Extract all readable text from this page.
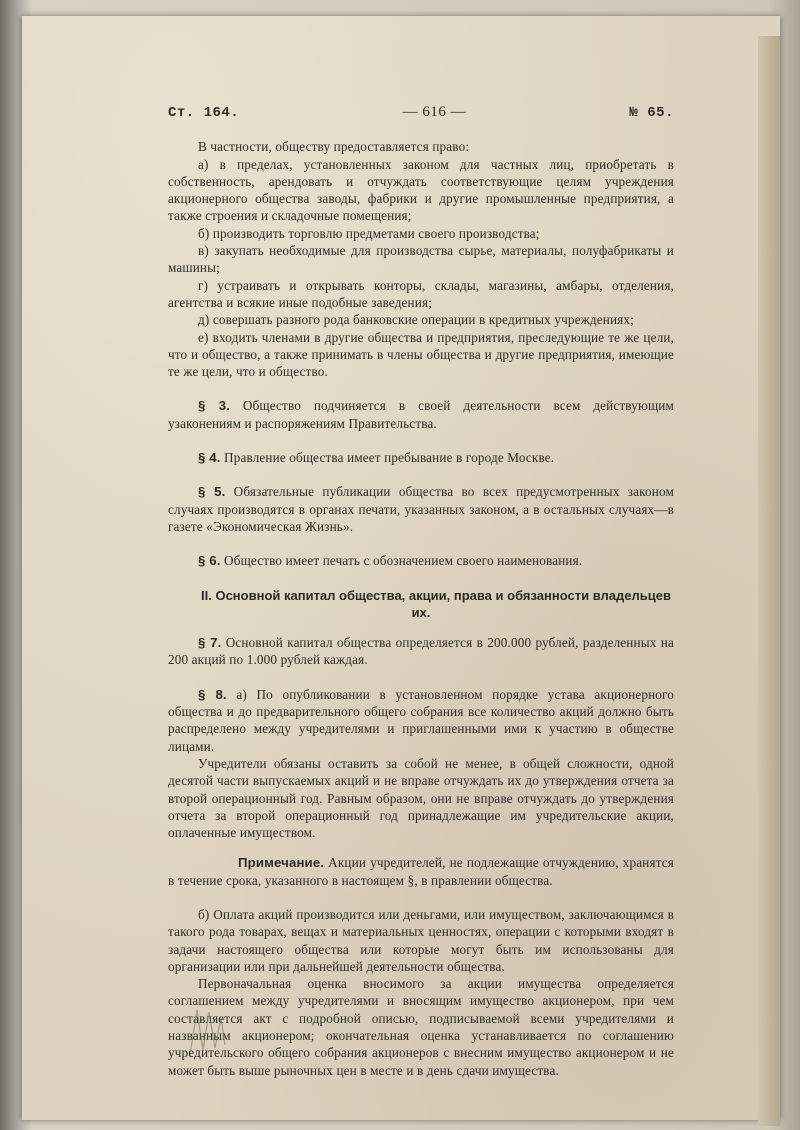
Ст. 164.	— 616 —	№ 65.

В частности, обществу предоставляется право:

а) в пределах, установленных законом для частных лиц, приобретать в собственность, арендовать и отчуждать соответствующие целям учреждения акционерного общества заводы, фабрики и другие промышленные предприятия, а также строения и складочные помещения;

б) производить торговлю предметами своего производства;

в) закупать необходимые для производства сырье, материалы, полуфабрикаты и машины;

г) устраивать и открывать конторы, склады, магазины, амбары, отделения, агентства и всякие иные подобные заведения;

д) совершать разного рода банковские операции в кредитных учреждениях;

е) входить членами в другие общества и предприятия, преследующие те же цели, что и общество, а также принимать в члены общества и другие предприятия, имеющие те же цели, что и общество.

§ 3. Общество подчиняется в своей деятельности всем действующим узаконениям и распоряжениям Правительства.

§ 4. Правление общества имеет пребывание в городе Москве.

§ 5. Обязательные публикации общества во всех предусмотренных законом случаях производятся в органах печати, указанных законом, а в остальных случаях—в газете «Экономическая Жизнь».

§ 6. Общество имеет печать с обозначением своего наименования.

II. Основной капитал общества, акции, права и обязанности владельцев их.

§ 7. Основной капитал общества определяется в 200.000 рублей, разделенных на 200 акций по 1.000 рублей каждая.

§ 8. а) По опубликовании в установленном порядке устава акционерного общества и до предварительного общего собрания все количество акций должно быть распределено между учредителями и приглашенными ими к участию в обществе лицами.

Учредители обязаны оставить за собой не менее, в общей сложности, одной десятой части выпускаемых акций и не вправе отчуждать их до утверждения отчета за второй операционный год. Равным образом, они не вправе отчуждать до утверждения отчета за второй операционный год принадлежащие им учредительские акции, оплаченные имуществом.

Примечание. Акции учредителей, не подлежащие отчуждению, хранятся в течение срока, указанного в настоящем §, в правлении общества.

б) Оплата акций производится или деньгами, или имуществом, заключающимся в такого рода товарах, вещах и материальных ценностях, операции с которыми входят в задачи настоящего общества или которые могут быть им использованы для организации или при дальнейшей деятельности общества.

Первоначальная оценка вносимого за акции имущества определяется соглашением между учредителями и вносящим имущество акционером, при чем составляется акт с подробной описью, подписываемой всеми учредителями и названным акционером; окончательная оценка устанавливается по соглашению учредительского общего собрания акционеров с внесним имущество акционером и не может быть выше рыночных цен в месте и в день сдачи имущества.
